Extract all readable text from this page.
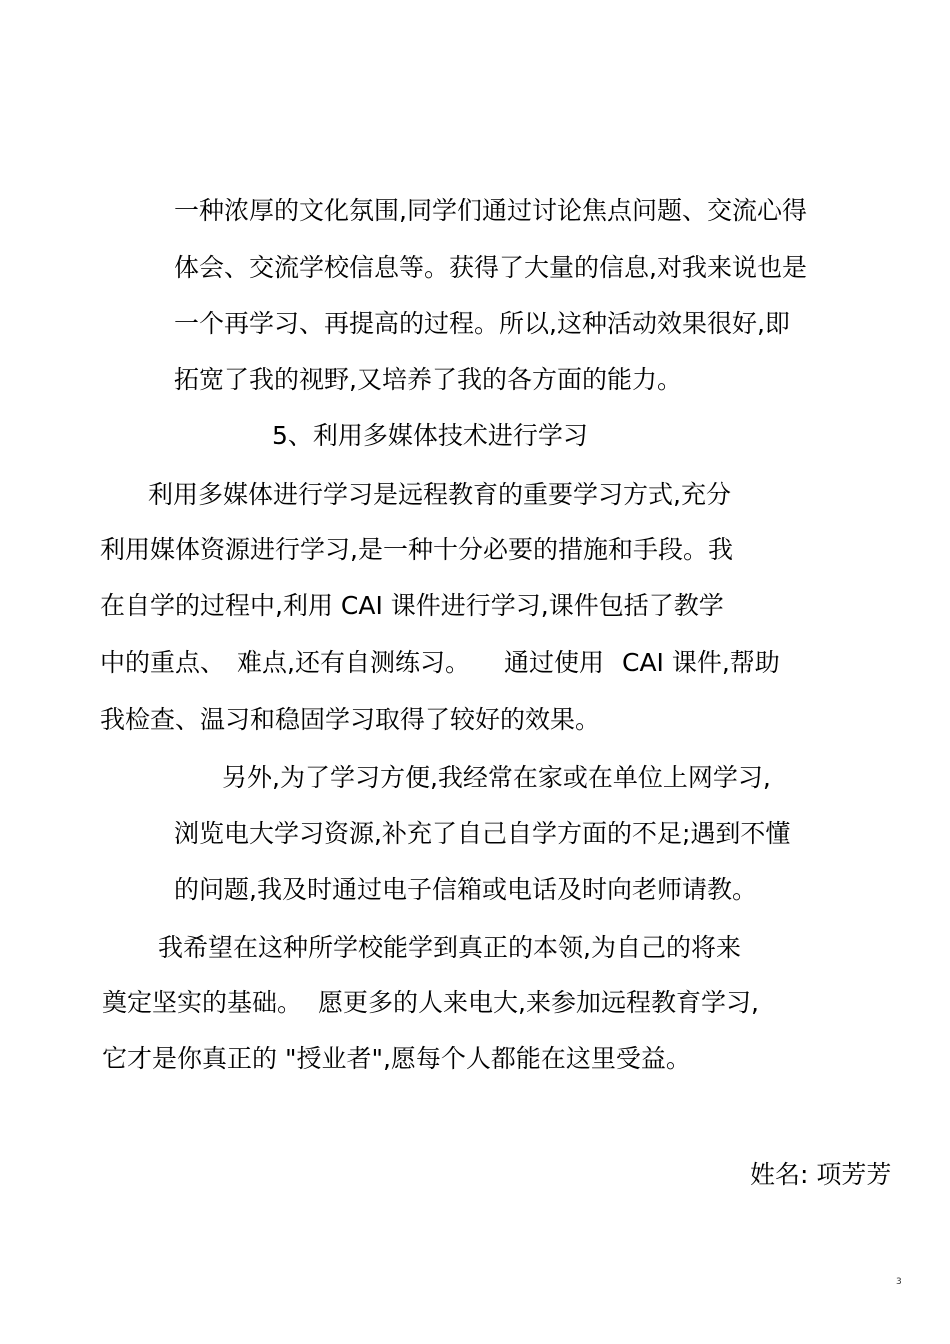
一种浓厚的文化氛围,同学们通过讨论焦点问题、交流心得

体会、交流学校信息等。获得了大量的信息,对我来说也是

一个再学习、再提高的过程。所以,这种活动效果很好,即

拓宽了我的视野,又培养了我的各方面的能力。

5、利用多媒体技术进行学习

利用多媒体进行学习是远程教育的重要学习方式,充分

利用媒体资源进行学习,是一种十分必要的措施和手段。我

在自学的过程中,利用 CAI 课件进行学习,课件包括了教学

中的重点、 难点,还有自测练习。 通过使用 CAI 课件,帮助

我检查、温习和稳固学习取得了较好的效果。

另外,为了学习方便,我经常在家或在单位上网学习,

浏览电大学习资源,补充了自己自学方面的不足;遇到不懂

的问题,我及时通过电子信箱或电话及时向老师请教。

我希望在这种所学校能学到真正的本领,为自己的将来

奠定坚实的基础。 愿更多的人来电大,来参加远程教育学习,

它才是你真正的 "授业者",愿每个人都能在这里受益。

姓名: 项芳芳

3
